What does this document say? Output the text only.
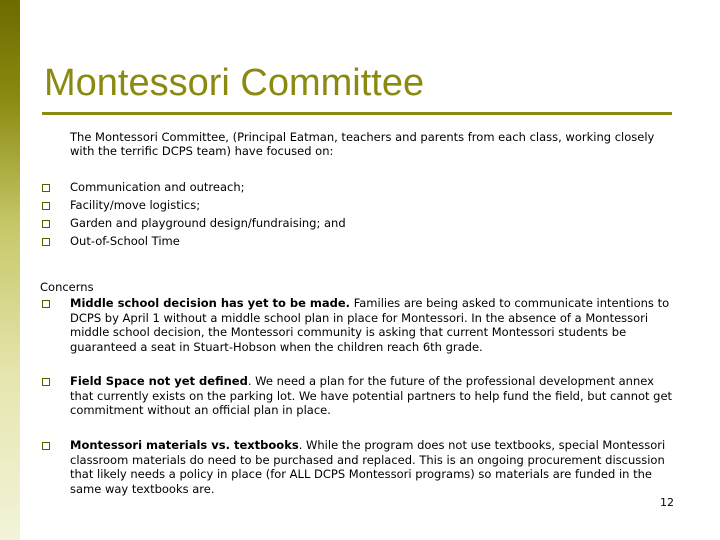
Montessori Committee
The Montessori Committee, (Principal Eatman, teachers and parents from each class, working closely with the terrific DCPS team) have focused on:
Communication and outreach;
Facility/move logistics;
Garden and playground design/fundraising; and
Out-of-School Time
Concerns
Middle school decision has yet to be made. Families are being asked to communicate intentions to DCPS by April 1 without a middle school plan in place for Montessori. In the absence of a Montessori middle school decision, the Montessori community is asking that current Montessori students be guaranteed a seat in Stuart-Hobson when the children reach 6th grade.
Field Space not yet defined. We need a plan for the future of the professional development annex that currently exists on the parking lot. We have potential partners to help fund the field, but cannot get commitment without an official plan in place.
Montessori materials vs. textbooks. While the program does not use textbooks, special Montessori classroom materials do need to be purchased and replaced. This is an ongoing procurement discussion that likely needs a policy in place (for ALL DCPS Montessori programs) so materials are funded in the same way textbooks are.
12
